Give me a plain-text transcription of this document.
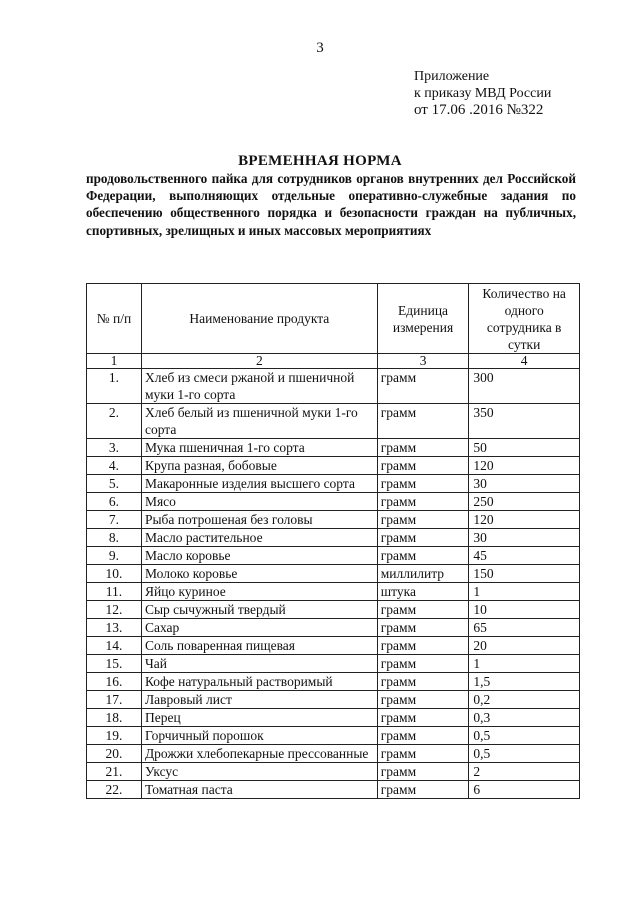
3
Приложение
к приказу МВД России
от 17.06 .2016 №322
ВРЕМЕННАЯ НОРМА
продовольственного пайка для сотрудников органов внутренних дел Российской Федерации, выполняющих отдельные оперативно-служебные задания по обеспечению общественного порядка и безопасности граждан на публичных, спортивных, зрелищных и иных массовых мероприятиях
№ п/п	Наименование продукта	Единица измерения	Количество на одного сотрудника в сутки
1	2	3	4
1.	Хлеб из смеси ржаной и пшеничной муки 1-го сорта	грамм	300
2.	Хлеб белый из пшеничной муки 1-го сорта	грамм	350
3.	Мука пшеничная 1-го сорта	грамм	50
4.	Крупа разная, бобовые	грамм	120
5.	Макаронные изделия высшего сорта	грамм	30
6.	Мясо	грамм	250
7.	Рыба потрошеная без головы	грамм	120
8.	Масло растительное	грамм	30
9.	Масло коровье	грамм	45
10.	Молоко коровье	миллилитр	150
11.	Яйцо куриное	штука	1
12.	Сыр сычужный твердый	грамм	10
13.	Сахар	грамм	65
14.	Соль поваренная пищевая	грамм	20
15.	Чай	грамм	1
16.	Кофе натуральный растворимый	грамм	1,5
17.	Лавровый лист	грамм	0,2
18.	Перец	грамм	0,3
19.	Горчичный порошок	грамм	0,5
20.	Дрожжи хлебопекарные прессованные	грамм	0,5
21.	Уксус	грамм	2
22.	Томатная паста	грамм	6
